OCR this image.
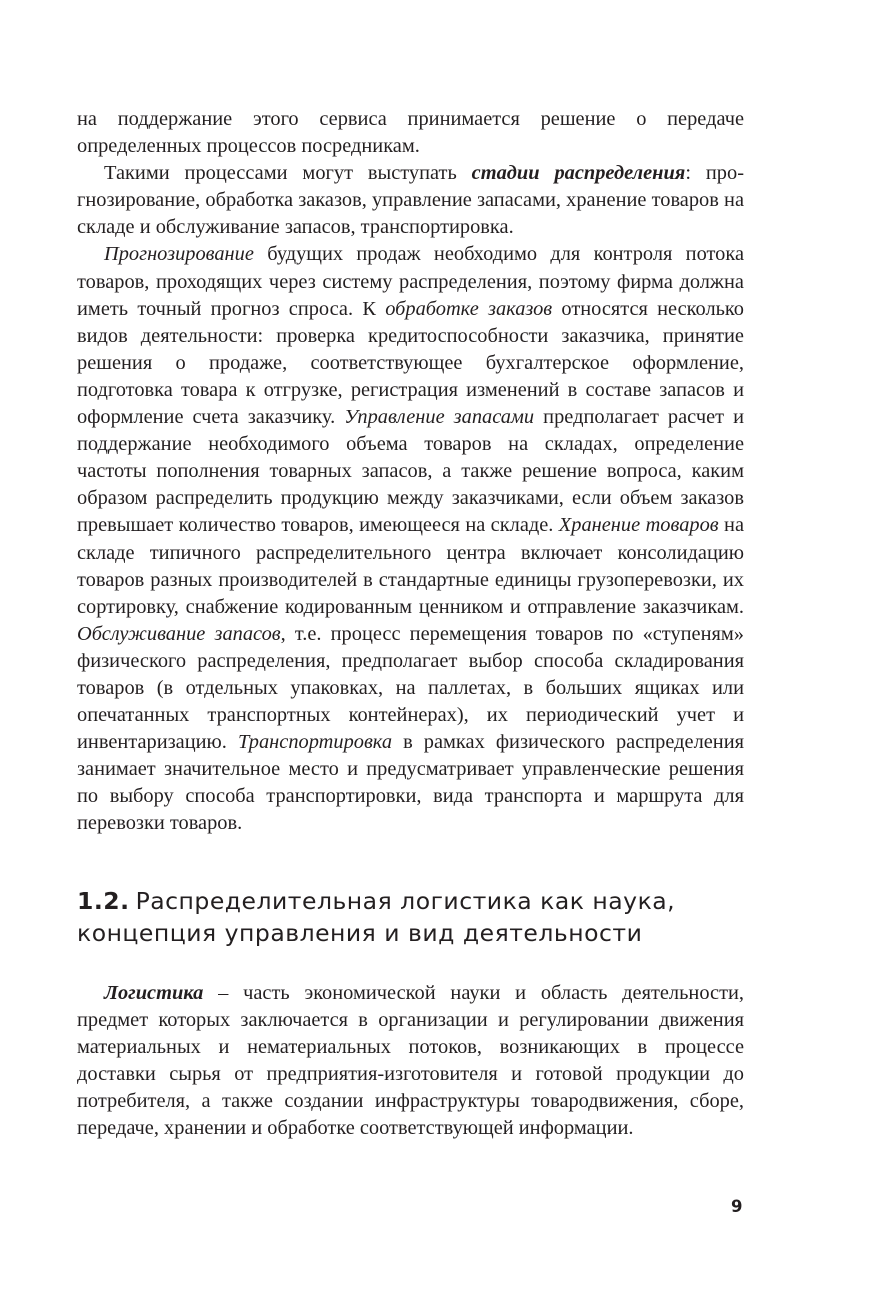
на поддержание этого сервиса принимается решение о передаче определенных процессов посредникам.

Такими процессами могут выступать стадии распределения: прогнозирование, обработка заказов, управление запасами, хранение товаров на складе и обслуживание запасов, транспортировка.

Прогнозирование будущих продаж необходимо для контроля потока товаров, проходящих через систему распределения, поэтому фирма должна иметь точный прогноз спроса. К обработке заказов относятся несколько видов деятельности: проверка кредитоспособности заказчика, принятие решения о продаже, соответствующее бухгалтерское оформление, подготовка товара к отгрузке, регистрация изменений в составе запасов и оформление счета заказчику. Управление запасами предполагает расчет и поддержание необходимого объема товаров на складах, определение частоты пополнения товарных запасов, а также решение вопроса, каким образом распределить продукцию между заказчиками, если объем заказов превышает количество товаров, имеющееся на складе. Хранение товаров на складе типичного распределительного центра включает консолидацию товаров разных производителей в стандартные единицы грузоперевозки, их сортировку, снабжение кодированным ценником и отправление заказчикам. Обслуживание запасов, т.е. процесс перемещения товаров по «ступеням» физического распределения, предполагает выбор способа складирования товаров (в отдельных упаковках, на паллетах, в больших ящиках или опечатанных транспортных контейнерах), их периодический учет и инвентаризацию. Транспортировка в рамках физического распределения занимает значительное место и предусматривает управленческие решения по выбору способа транспортировки, вида транспорта и маршрута для перевозки товаров.

1.2. Распределительная логистика как наука,
концепция управления и вид деятельности

Логистика – часть экономической науки и область деятельности, предмет которых заключается в организации и регулировании движения материальных и нематериальных потоков, возникающих в процессе доставки сырья от предприятия-изготовителя и готовой продукции до потребителя, а также создании инфраструктуры товародвижения, сборе, передаче, хранении и обработке соответствующей информации.

9
